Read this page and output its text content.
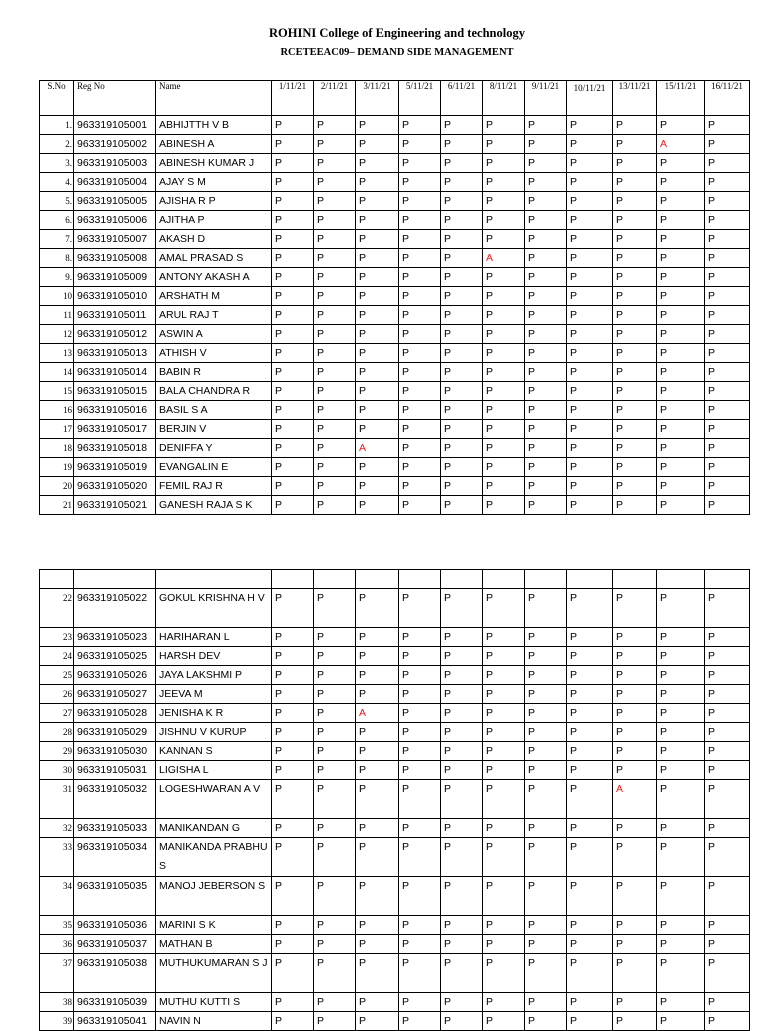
ROHINI College of Engineering and technology
RCETEEAC09– DEMAND SIDE MANAGEMENT
S.No	Reg No	Name	1/11/21	2/11/21	3/11/21	5/11/21	6/11/21	8/11/21	9/11/21	10/11/21	13/11/21	15/11/21	16/11/21
1.	963319105001	ABHIJTTH V B	P	P	P	P	P	P	P	P	P	P	P
2.	963319105002	ABINESH A	P	P	P	P	P	P	P	P	P	A	P
3.	963319105003	ABINESH KUMAR J	P	P	P	P	P	P	P	P	P	P	P
4.	963319105004	AJAY S M	P	P	P	P	P	P	P	P	P	P	P
5.	963319105005	AJISHA R P	P	P	P	P	P	P	P	P	P	P	P
6.	963319105006	AJITHA P	P	P	P	P	P	P	P	P	P	P	P
7.	963319105007	AKASH D	P	P	P	P	P	P	P	P	P	P	P
8.	963319105008	AMAL PRASAD S	P	P	P	P	P	A	P	P	P	P	P
9.	963319105009	ANTONY AKASH A	P	P	P	P	P	P	P	P	P	P	P
10	963319105010	ARSHATH M	P	P	P	P	P	P	P	P	P	P	P
11	963319105011	ARUL RAJ T	P	P	P	P	P	P	P	P	P	P	P
12	963319105012	ASWIN A	P	P	P	P	P	P	P	P	P	P	P
13	963319105013	ATHISH V	P	P	P	P	P	P	P	P	P	P	P
14	963319105014	BABIN R	P	P	P	P	P	P	P	P	P	P	P
15	963319105015	BALA CHANDRA R	P	P	P	P	P	P	P	P	P	P	P
16	963319105016	BASIL S A	P	P	P	P	P	P	P	P	P	P	P
17	963319105017	BERJIN V	P	P	P	P	P	P	P	P	P	P	P
18	963319105018	DENIFFA Y	P	P	A	P	P	P	P	P	P	P	P
19	963319105019	EVANGALIN E	P	P	P	P	P	P	P	P	P	P	P
20	963319105020	FEMIL RAJ R	P	P	P	P	P	P	P	P	P	P	P
21	963319105021	GANESH RAJA S K	P	P	P	P	P	P	P	P	P	P	P

22	963319105022	GOKUL KRISHNA H V	P	P	P	P	P	P	P	P	P	P	P
23	963319105023	HARIHARAN L	P	P	P	P	P	P	P	P	P	P	P
24	963319105025	HARSH DEV	P	P	P	P	P	P	P	P	P	P	P
25	963319105026	JAYA LAKSHMI P	P	P	P	P	P	P	P	P	P	P	P
26	963319105027	JEEVA M	P	P	P	P	P	P	P	P	P	P	P
27	963319105028	JENISHA K R	P	P	A	P	P	P	P	P	P	P	P
28	963319105029	JISHNU V KURUP	P	P	P	P	P	P	P	P	P	P	P
29	963319105030	KANNAN S	P	P	P	P	P	P	P	P	P	P	P
30	963319105031	LIGISHA L	P	P	P	P	P	P	P	P	P	P	P
31	963319105032	LOGESHWARAN A V	P	P	P	P	P	P	P	P	A	P	P
32	963319105033	MANIKANDAN G	P	P	P	P	P	P	P	P	P	P	P
33	963319105034	MANIKANDA PRABHU S	P	P	P	P	P	P	P	P	P	P	P
34	963319105035	MANOJ JEBERSON S	P	P	P	P	P	P	P	P	P	P	P
35	963319105036	MARINI S K	P	P	P	P	P	P	P	P	P	P	P
36	963319105037	MATHAN B	P	P	P	P	P	P	P	P	P	P	P
37	963319105038	MUTHUKUMARAN S J	P	P	P	P	P	P	P	P	P	P	P
38	963319105039	MUTHU KUTTI S	P	P	P	P	P	P	P	P	P	P	P
39	963319105041	NAVIN N	P	P	P	P	P	P	P	P	P	P	P
